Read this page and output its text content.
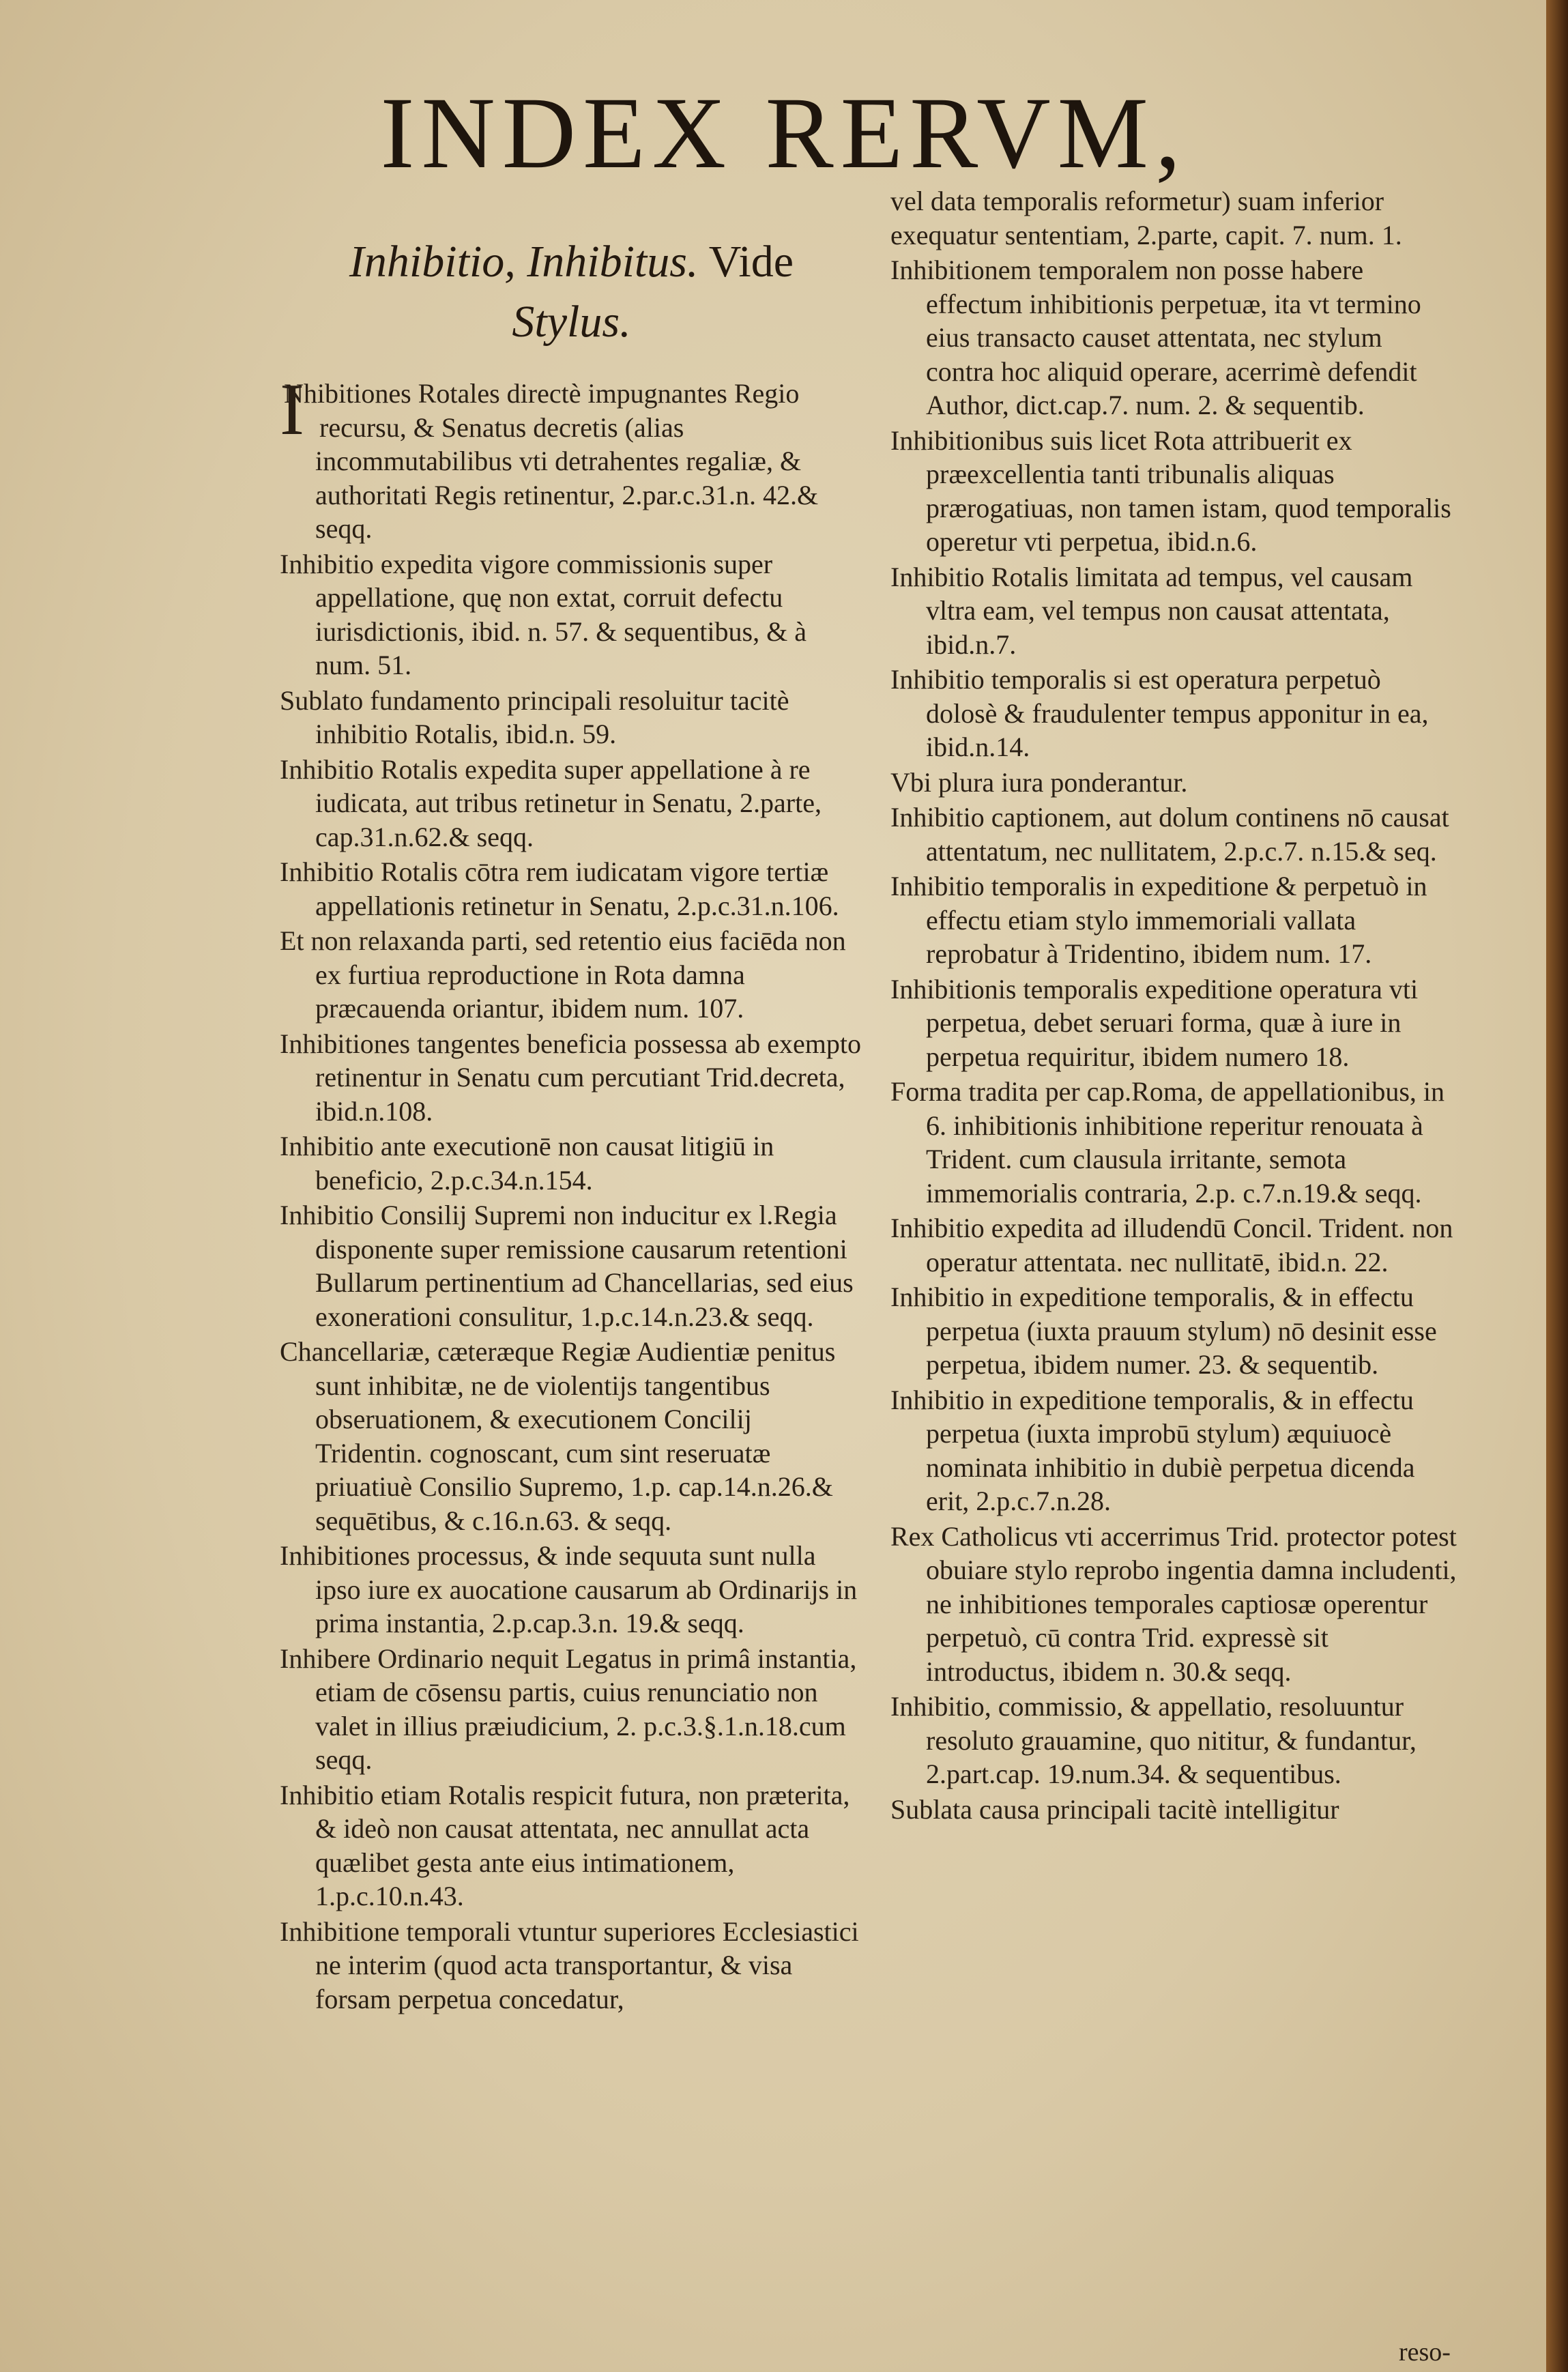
INDEX RERVM,
Inhibitio, Inhibitus. Vide
Stylus.

INhibitiones Rotales directè impugnantes Regio recursu, & Senatus decretis (alias incommutabilibus vti detrahentes regaliæ, & authoritati Regis retinentur, 2.par.c.31.n. 42.& seqq.

Inhibitio expedita vigore commissionis super appellatione, quę non extat, corruit defectu iurisdictionis, ibid. n. 57. & sequentibus, & à num. 51.

Sublato fundamento principali resoluitur tacitè inhibitio Rotalis, ibid.n. 59.

Inhibitio Rotalis expedita super appellatione à re iudicata, aut tribus retinetur in Senatu, 2.parte, cap.31.n.62.& seqq.

Inhibitio Rotalis cōtra rem iudicatam vigore tertiæ appellationis retinetur in Senatu, 2.p.c.31.n.106.

Et non relaxanda parti, sed retentio eius faciēda non ex furtiua reproductione in Rota damna præcauenda oriantur, ibidem num. 107.

Inhibitiones tangentes beneficia possessa ab exempto retinentur in Senatu cum percutiant Trid.decreta, ibid.n.108.

Inhibitio ante executionē non causat litigiū in beneficio, 2.p.c.34.n.154.

Inhibitio Consilij Supremi non inducitur ex l.Regia disponente super remissione causarum retentioni Bullarum pertinentium ad Chancellarias, sed eius exonerationi consulitur, 1.p.c.14.n.23.& seqq.

Chancellariæ, cæteræque Regiæ Audientiæ penitus sunt inhibitæ, ne de violentijs tangentibus obseruationem, & executionem Concilij Tridentin. cognoscant, cum sint reseruatæ priuatiuè Consilio Supremo, 1.p. cap.14.n.26.& sequētibus, & c.16.n.63. & seqq.

Inhibitiones processus, & inde sequuta sunt nulla ipso iure ex auocatione causarum ab Ordinarijs in prima instantia, 2.p.cap.3.n. 19.& seqq.

Inhibere Ordinario nequit Legatus in primâ instantia, etiam de cōsensu partis, cuius renunciatio non valet in illius præiudicium, 2. p.c.3.§.1.n.18.cum seqq.

Inhibitio etiam Rotalis respicit futura, non præterita, & ideò non causat attentata, nec annullat acta quælibet gesta ante eius intimationem, 1.p.c.10.n.43.

Inhibitione temporali vtuntur superiores Ecclesiastici ne interim (quod acta transportantur, & visa forsam perpetua concedatur,

vel data temporalis reformetur) suam inferior exequatur sententiam, 2.parte, capit. 7. num. 1.

Inhibitionem temporalem non posse habere effectum inhibitionis perpetuæ, ita vt termino eius transacto causet attentata, nec stylum contra hoc aliquid operare, acerrimè defendit Author, dict.cap.7. num. 2. & sequentib.

Inhibitionibus suis licet Rota attribuerit ex præexcellentia tanti tribunalis aliquas prærogatiuas, non tamen istam, quod temporalis operetur vti perpetua, ibid.n.6.

Inhibitio Rotalis limitata ad tempus, vel causam vltra eam, vel tempus non causat attentata, ibid.n.7.

Inhibitio temporalis si est operatura perpetuò dolosè & fraudulenter tempus apponitur in ea, ibid.n.14.

Vbi plura iura ponderantur.

Inhibitio captionem, aut dolum continens nō causat attentatum, nec nullitatem, 2.p.c.7. n.15.& seq.

Inhibitio temporalis in expeditione & perpetuò in effectu etiam stylo immemoriali vallata reprobatur à Tridentino, ibidem num. 17.

Inhibitionis temporalis expeditione operatura vti perpetua, debet seruari forma, quæ à iure in perpetua requiritur, ibidem numero 18.

Forma tradita per cap.Roma, de appellationibus, in 6. inhibitionis inhibitione reperitur renouata à Trident. cum clausula irritante, semota immemorialis contraria, 2.p. c.7.n.19.& seqq.

Inhibitio expedita ad illudendū Concil. Trident. non operatur attentata. nec nullitatē, ibid.n. 22.

Inhibitio in expeditione temporalis, & in effectu perpetua (iuxta prauum stylum) nō desinit esse perpetua, ibidem numer. 23. & sequentib.

Inhibitio in expeditione temporalis, & in effectu perpetua (iuxta improbū stylum) æquiuocè nominata inhibitio in dubiè perpetua dicenda erit, 2.p.c.7.n.28.

Rex Catholicus vti accerrimus Trid. protector potest obuiare stylo reprobo ingentia damna includenti, ne inhibitiones temporales captiosæ operentur perpetuò, cū contra Trid. expressè sit introductus, ibidem n. 30.& seqq.

Inhibitio, commissio, & appellatio, resoluuntur resoluto grauamine, quo nititur, & fundantur, 2.part.cap. 19.num.34. & sequentibus.

Sublata causa principali tacitè intelligitur

reso-
